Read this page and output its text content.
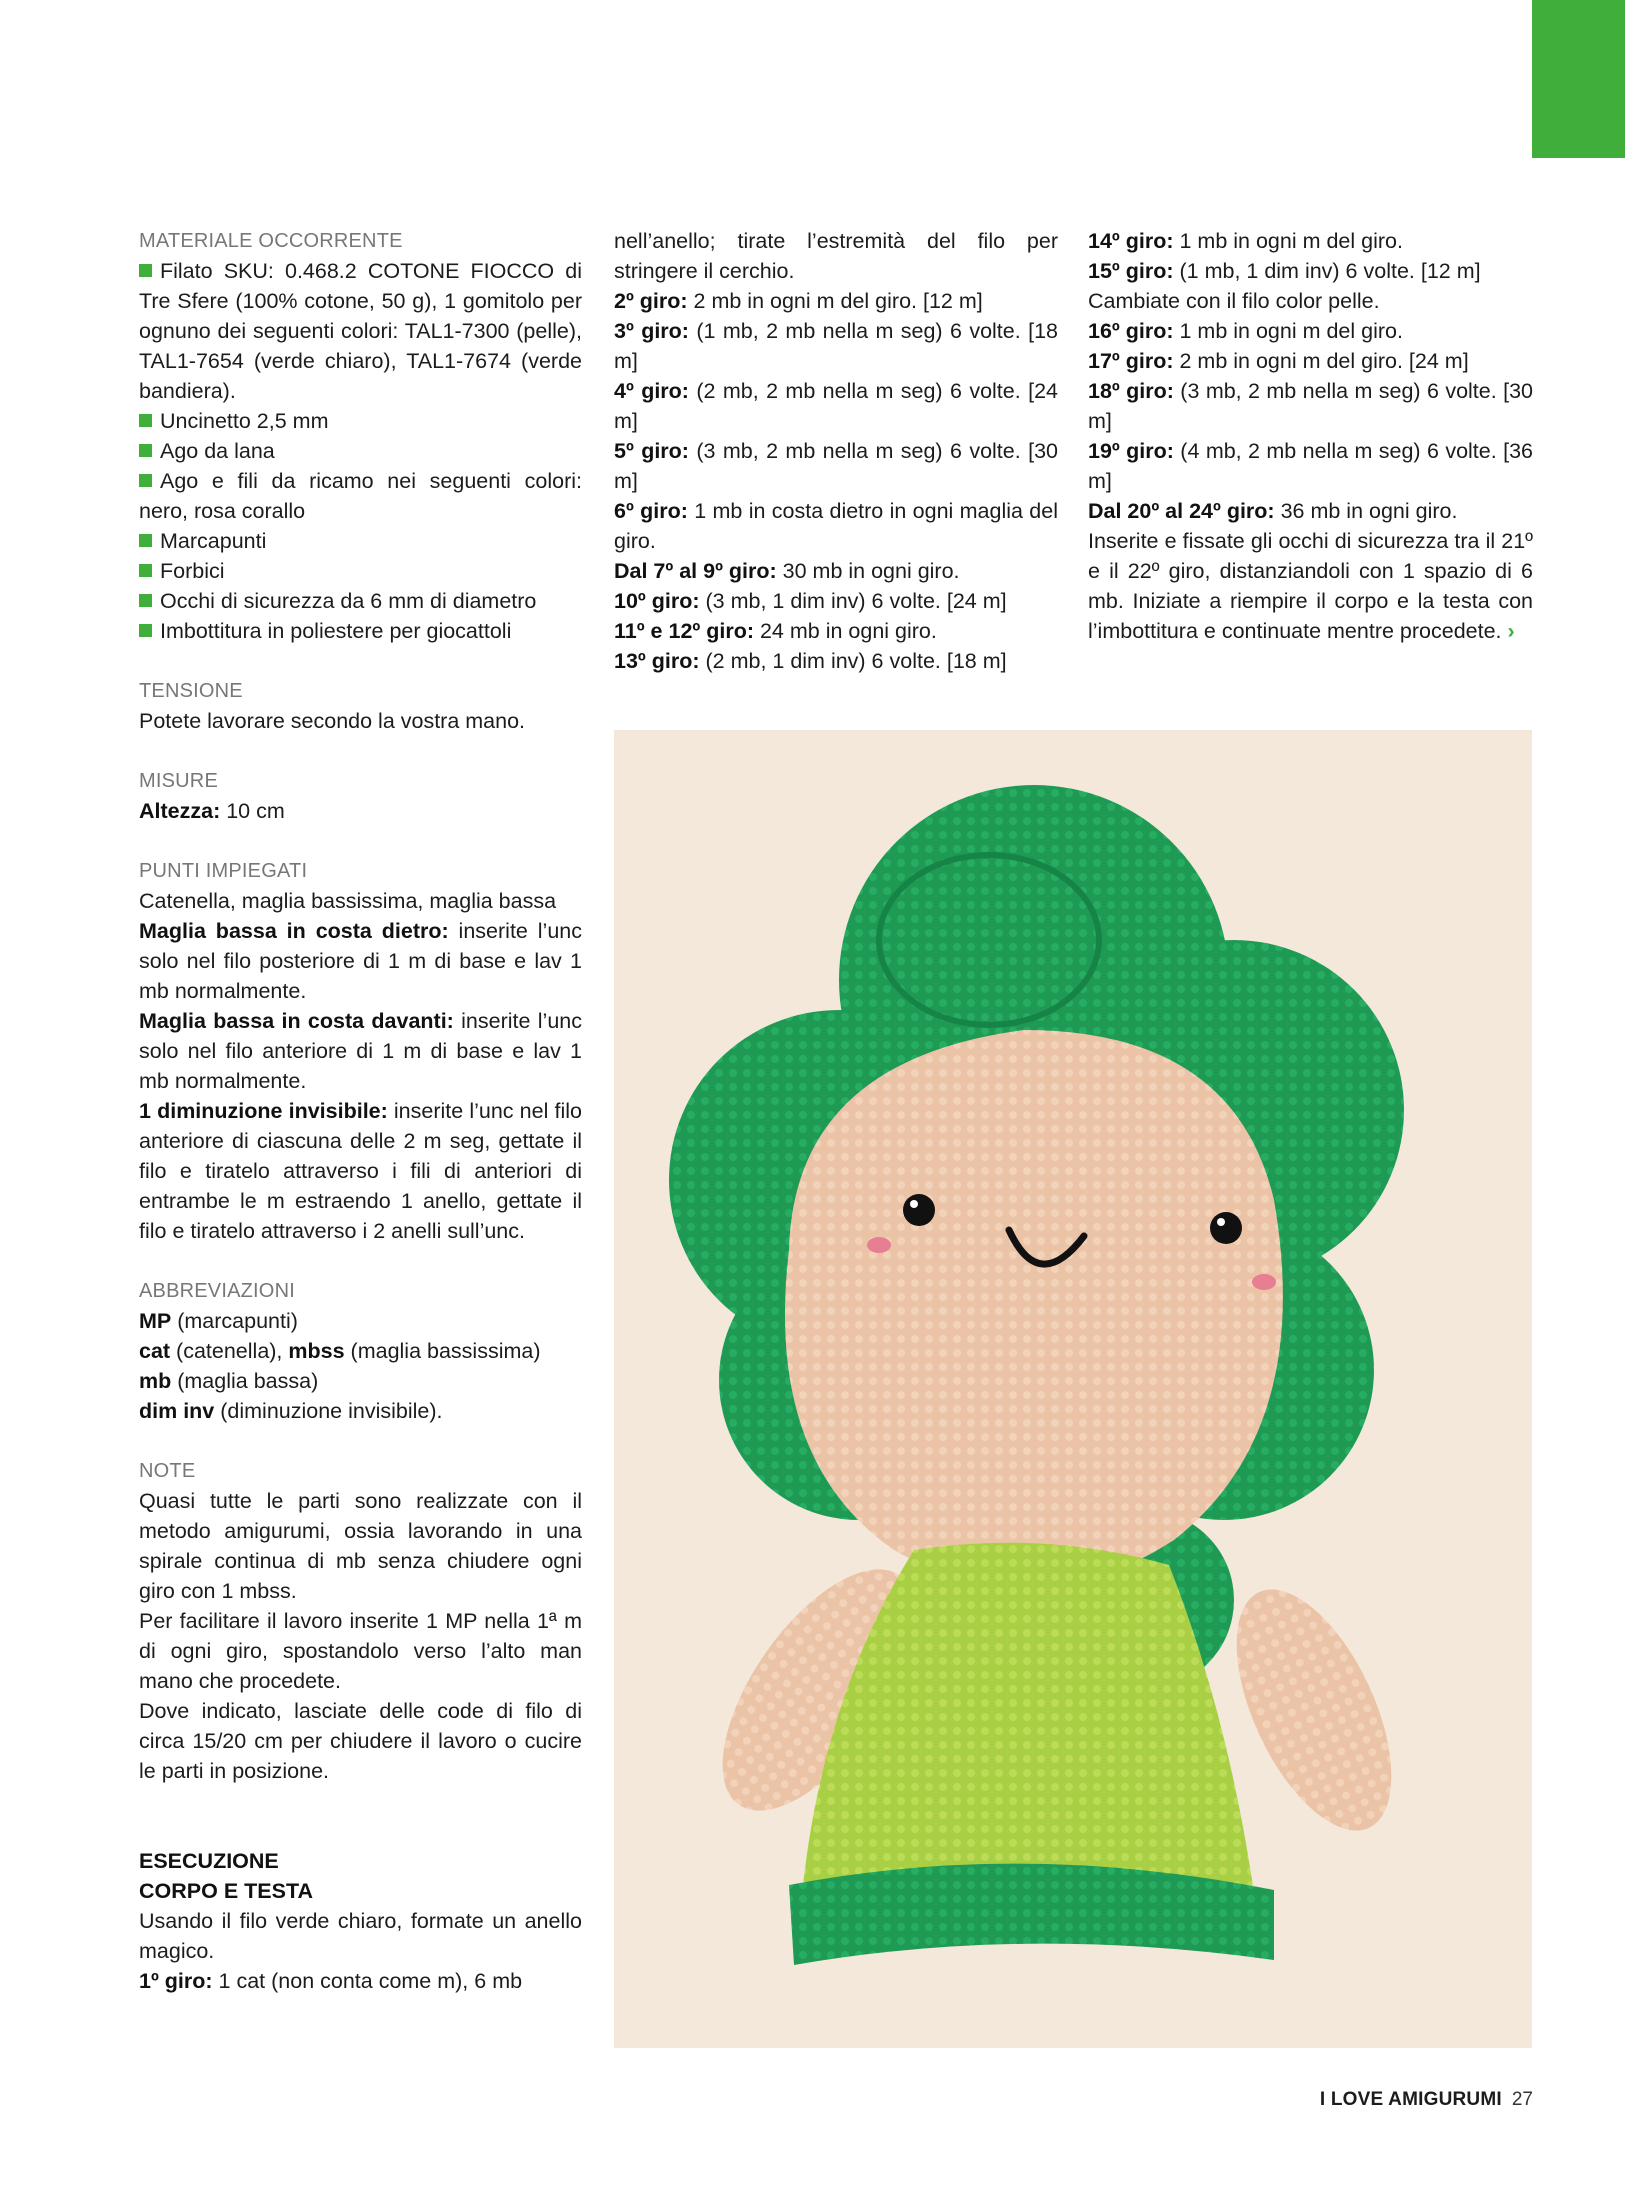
MATERIALE OCCORRENTE

Filato SKU: 0.468.2 COTONE FIOCCO di Tre Sfere (100% cotone, 50 g), 1 gomitolo per ognuno dei seguenti colori: TAL1-7300 (pelle), TAL1-7654 (verde chiaro), TAL1-7674 (verde bandiera).

Uncinetto 2,5 mm

Ago da lana

Ago e fili da ricamo nei seguenti colori: nero, rosa corallo

Marcapunti

Forbici

Occhi di sicurezza da 6 mm di diametro

Imbottitura in poliestere per giocattoli

TENSIONE

Potete lavorare secondo la vostra mano.

MISURE

Altezza: 10 cm

PUNTI IMPIEGATI

Catenella, maglia bassissima, maglia bassa

Maglia bassa in costa dietro: inserite l’unc solo nel filo posteriore di 1 m di base e lav 1 mb normalmente.

Maglia bassa in costa davanti: inserite l’unc solo nel filo anteriore di 1 m di base e lav 1 mb normalmente.

1 diminuzione invisibile: inserite l’unc nel filo anteriore di ciascuna delle 2 m seg, gettate il filo e tiratelo attraverso i fili di anteriori di entrambe le m estraendo 1 anello, gettate il filo e tiratelo attraverso i 2 anelli sull’unc.

ABBREVIAZIONI

MP (marcapunti)

cat (catenella), mbss (maglia bassissima)

mb (maglia bassa)

dim inv (diminuzione invisibile).

NOTE

Quasi tutte le parti sono realizzate con il metodo amigurumi, ossia lavorando in una spirale continua di mb senza chiudere ogni giro con 1 mbss.

Per facilitare il lavoro inserite 1 MP nella 1ª m di ogni giro, spostandolo verso l’alto man mano che procedete.

Dove indicato, lasciate delle code di filo di circa 15/20 cm per chiudere il lavoro o cucire le parti in posizione.

ESECUZIONE

CORPO E TESTA

Usando il filo verde chiaro, formate un anello magico.

1º giro: 1 cat (non conta come m), 6 mb

nell’anello; tirate l’estremità del filo per stringere il cerchio.

2º giro: 2 mb in ogni m del giro. [12 m]

3º giro: (1 mb, 2 mb nella m seg) 6 volte. [18 m]

4º giro: (2 mb, 2 mb nella m seg) 6 volte. [24 m]

5º giro: (3 mb, 2 mb nella m seg) 6 volte. [30 m]

6º giro: 1 mb in costa dietro in ogni maglia del giro.

Dal 7º al 9º giro: 30 mb in ogni giro.

10º giro: (3 mb, 1 dim inv) 6 volte. [24 m]

11º e 12º giro: 24 mb in ogni giro.

13º giro: (2 mb, 1 dim inv) 6 volte. [18 m]

14º giro: 1 mb in ogni m del giro.

15º giro: (1 mb, 1 dim inv) 6 volte. [12 m]

Cambiate con il filo color pelle.

16º giro: 1 mb in ogni m del giro.

17º giro: 2 mb in ogni m del giro. [24 m]

18º giro: (3 mb, 2 mb nella m seg) 6 volte. [30 m]

19º giro: (4 mb, 2 mb nella m seg) 6 volte. [36 m]

Dal 20º al 24º giro: 36 mb in ogni giro.

Inserite e fissate gli occhi di sicurezza tra il 21º e il 22º giro, distanziandoli con 1 spazio di 6 mb. Iniziate a riempire il corpo e la testa con l’imbottitura e continuate mentre procedete. ›

I LOVE AMIGURUMI 27
